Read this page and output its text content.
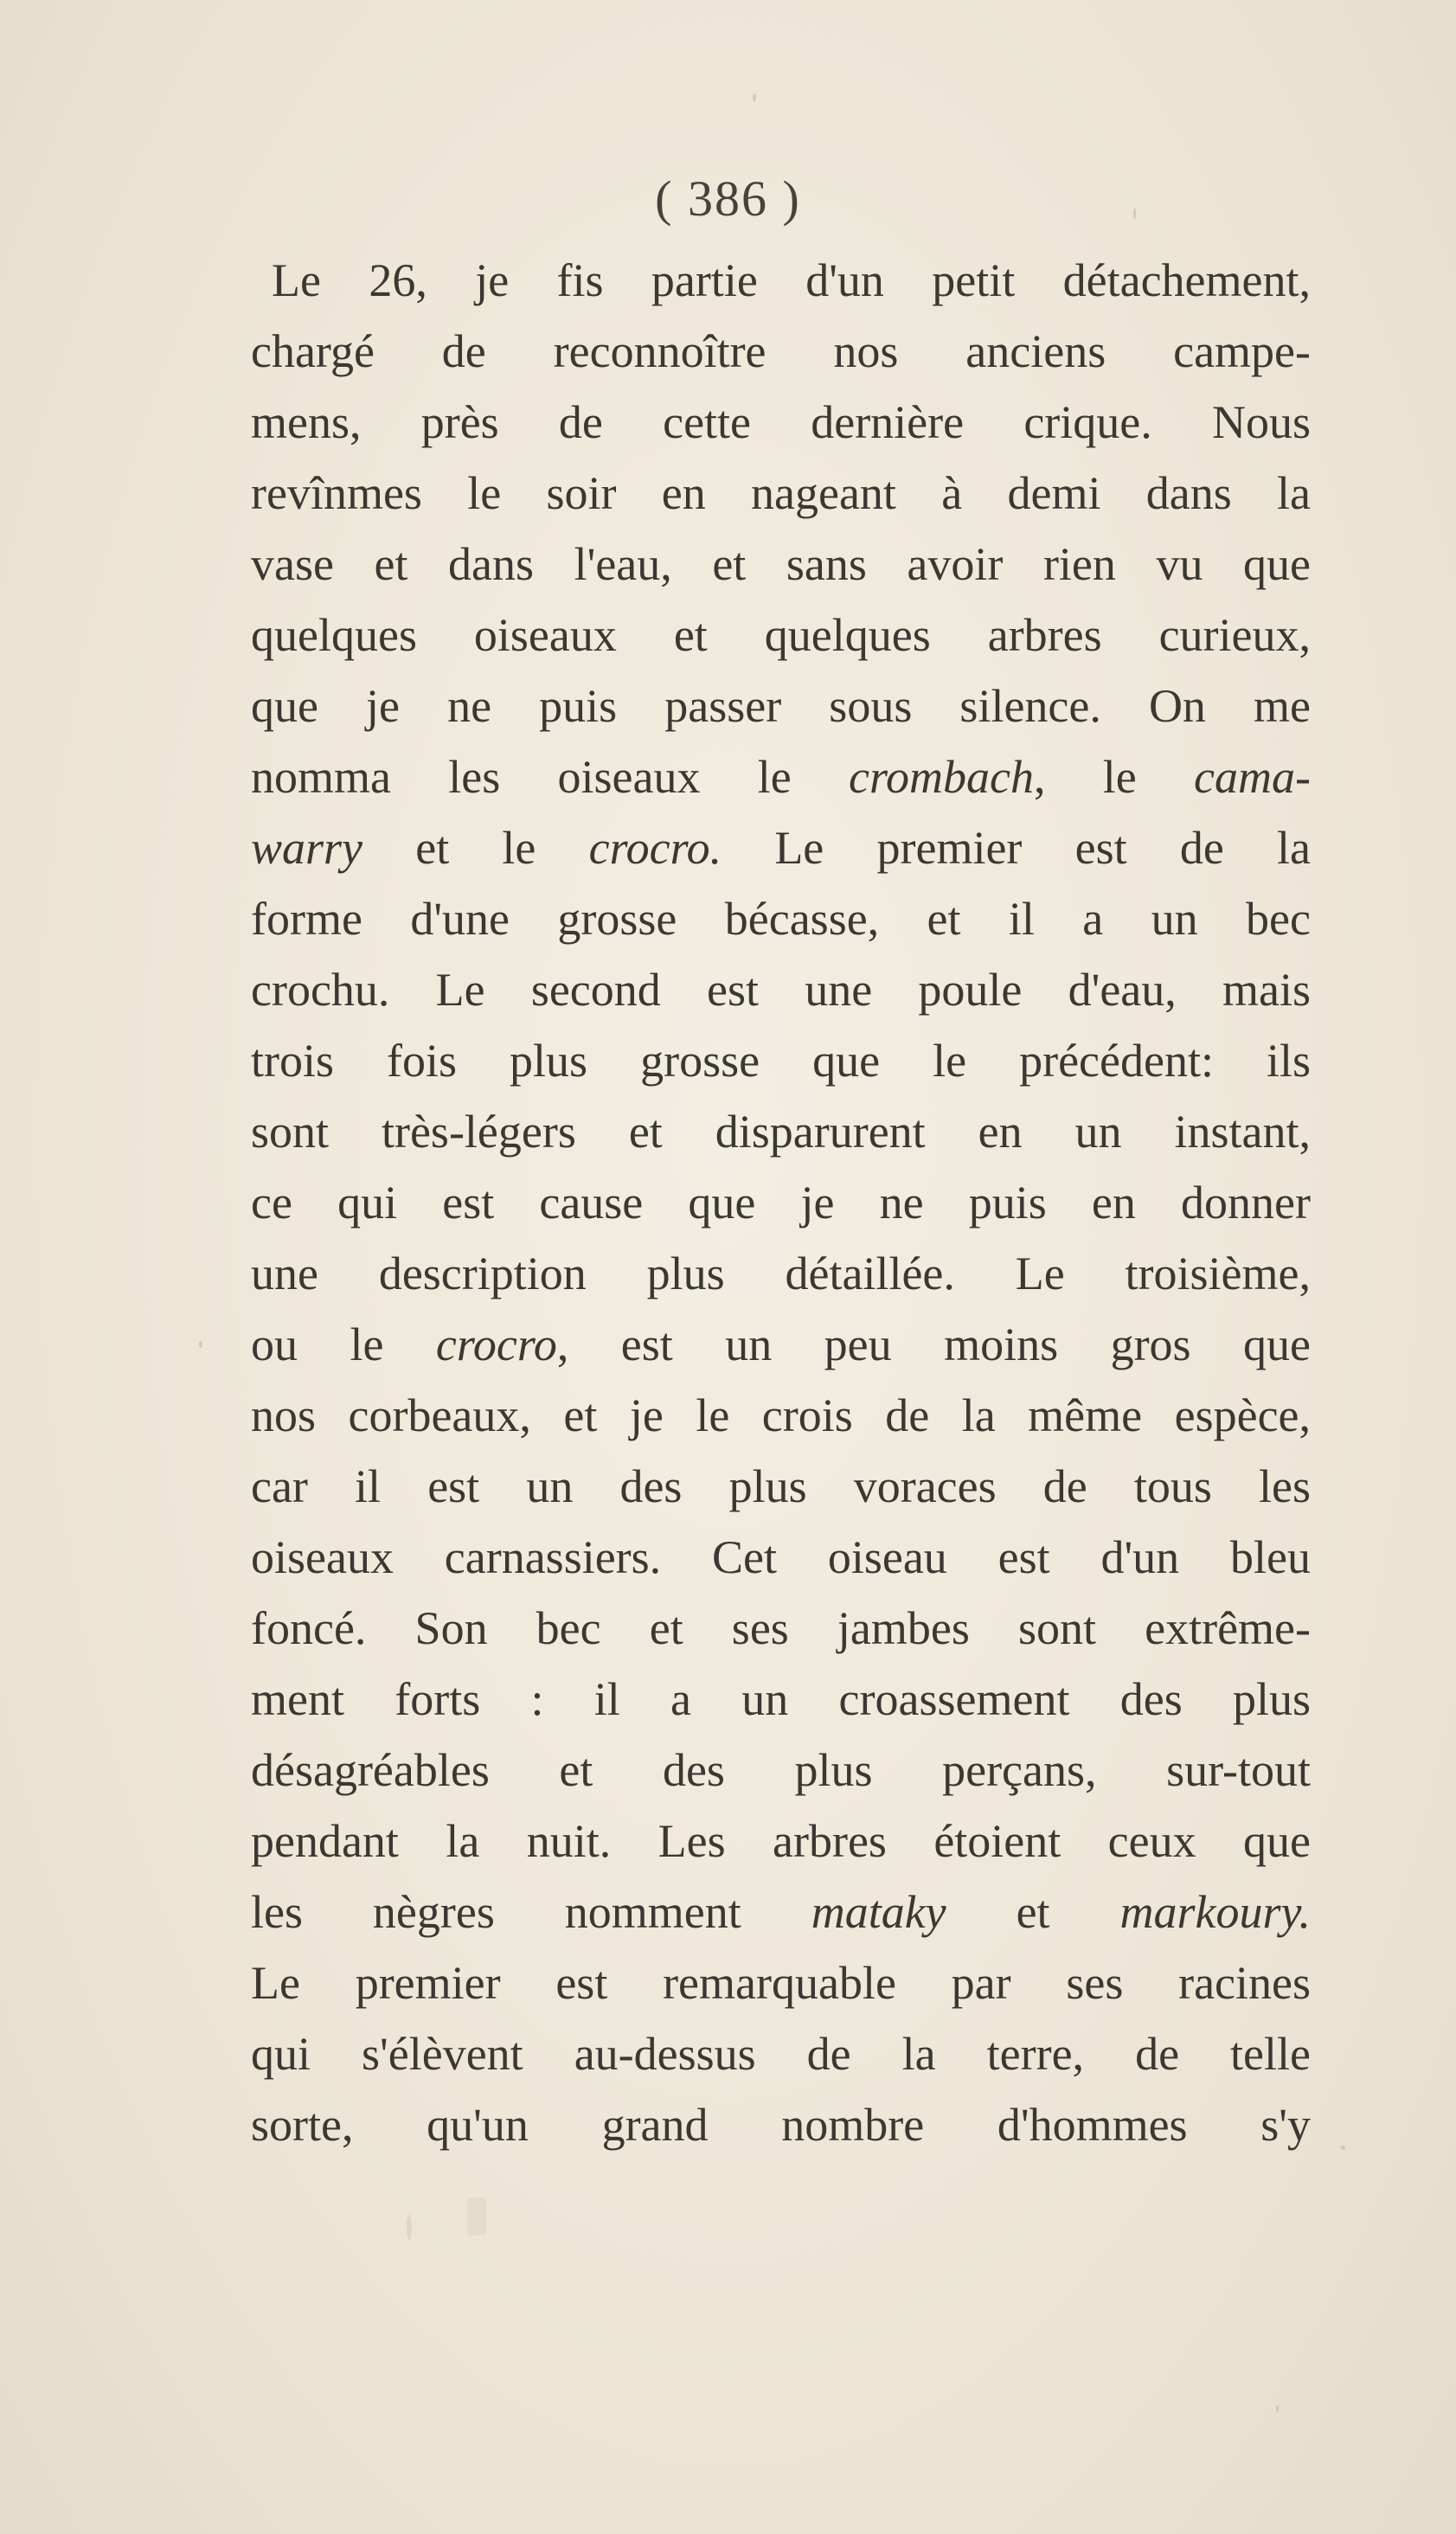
( 386 )
Le 26, je fis partie d'un petit détachement,
chargé de reconnoître nos anciens campe-
mens, près de cette dernière crique. Nous
revînmes le soir en nageant à demi dans la
vase et dans l'eau, et sans avoir rien vu que
quelques oiseaux et quelques arbres curieux,
que je ne puis passer sous silence. On me
nomma les oiseaux le crombach, le cama-
warry et le crocro. Le premier est de la
forme d'une grosse bécasse, et il a un bec
crochu. Le second est une poule d'eau, mais
trois fois plus grosse que le précédent: ils
sont très-légers et disparurent en un instant,
ce qui est cause que je ne puis en donner
une description plus détaillée. Le troisième,
ou le crocro, est un peu moins gros que
nos corbeaux, et je le crois de la même espèce,
car il est un des plus voraces de tous les
oiseaux carnassiers. Cet oiseau est d'un bleu
foncé. Son bec et ses jambes sont extrême-
ment forts : il a un croassement des plus
désagréables et des plus perçans, sur-tout
pendant la nuit. Les arbres étoient ceux que
les nègres nomment mataky et markoury.
Le premier est remarquable par ses racines
qui s'élèvent au-dessus de la terre, de telle
sorte, qu'un grand nombre d'hommes s'y
